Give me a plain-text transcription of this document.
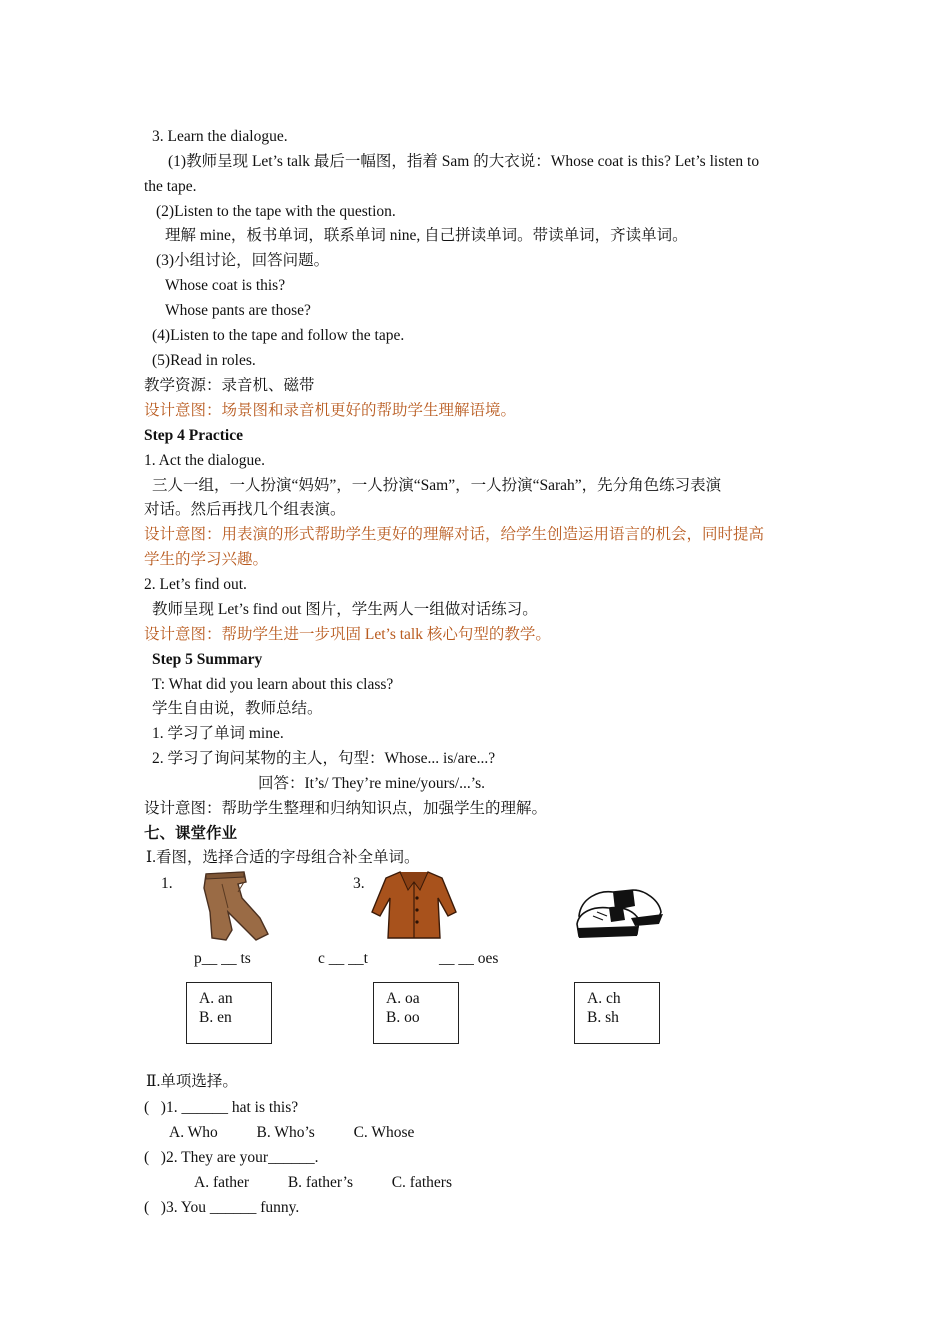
3. Learn the dialogue.
(1)教师呈现 Let’s talk 最后一幅图，指着 Sam 的大衣说：Whose coat is this? Let’s listen to
the tape.
(2)Listen to the tape with the question.
理解 mine，板书单词，联系单词 nine, 自己拼读单词。带读单词，齐读单词。
(3)小组讨论，回答问题。
Whose coat is this?
Whose pants are those?
(4)Listen to the tape and follow the tape.
(5)Read in roles.
教学资源：录音机、磁带
设计意图：场景图和录音机更好的帮助学生理解语境。
Step 4 Practice
1. Act the dialogue.
三人一组，一人扮演“妈妈”，一人扮演“Sam”，一人扮演“Sarah”，先分角色练习表演
对话。然后再找几个组表演。
设计意图：用表演的形式帮助学生更好的理解对话，给学生创造运用语言的机会，同时提高
学生的学习兴趣。
2. Let’s find out.
教师呈现 Let’s find out 图片，学生两人一组做对话练习。
设计意图：帮助学生进一步巩固 Let’s talk 核心句型的教学。
Step 5 Summary
T: What did you learn about this class?
学生自由说，教师总结。
1. 学习了单词 mine.
2. 学习了询问某物的主人，句型：Whose... is/are...?
回答：It’s/ They’re mine/yours/...’s.
设计意图：帮助学生整理和归纳知识点，加强学生的理解。
七、课堂作业
Ⅰ.看图，选择合适的字母组合补全单词。
1.	3.
p__ __ ts	c __ __t	__ __ oes
A. an
B. en
A. oa
B. oo
A. ch
B. sh
Ⅱ.单项选择。
(   )1. ______ hat is this?
A. Who          B. Who’s          C. Whose
(   )2. They are your______.
A. father          B. father’s          C. fathers
(   )3. You ______ funny.
